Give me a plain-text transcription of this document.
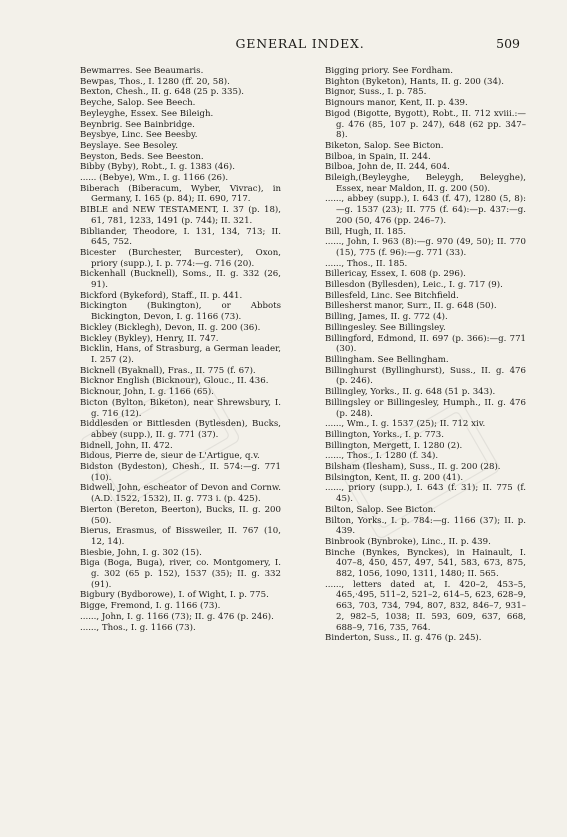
GENERAL INDEX.	509

Bewmarres. See Beaumaris.

Bewpas, Thos., I. 1280 (ff. 20, 58).

Bexton, Chesh., II. g. 648 (25 p. 335).

Beyche, Salop. See Beech.

Beyleyghe, Essex. See Bileigh.

Beynbrig. See Bainbridge.

Beysbye, Linc. See Beesby.

Beyslaye. See Besoley.

Beyston, Beds. See Beeston.

Bibby (Byby), Robt., I. g. 1383 (46).

...... (Bebye), Wm., I. g. 1166 (26).

Biberach (Biberacum, Wyber, Vivrac), in Germany, I. 165 (p. 84); II. 690, 717.

BIBLE and NEW TESTAMENT, I. 37 (p. 18), 61, 781, 1233, 1491 (p. 744); II. 321.

Bibliander, Theodore, I. 131, 134, 713; II. 645, 752.

Bicester (Burchester, Burcester), Oxon, priory (supp.), I. p. 774:—g. 716 (20).

Bickenhall (Bucknell), Soms., II. g. 332 (26, 91).

Bickford (Bykeford), Staff., II. p. 441.

Bickington (Bukington), or Abbots Bickington, Devon, I. g. 1166 (73).

Bickley (Bicklegh), Devon, II. g. 200 (36).

Bickley (Bykley), Henry, II. 747.

Bicklin, Hans, of Strasburg, a German leader, I. 257 (2).

Bicknell (Byaknall), Fras., II. 775 (f. 67).

Bicknor English (Bicknour), Glouc., II. 436.

Bicknour, John, I. g. 1166 (65).

Bicton (Bylton, Biketon), near Shrewsbury, I. g. 716 (12).

Biddlesden or Bittlesden (Bytlesden), Bucks, abbey (supp.), II. g. 771 (37).

Bidnell, John, II. 472.

Bidous, Pierre de, sieur de L'Artigue, q.v.

Bidston (Bydeston), Chesh., II. 574:—g. 771 (10).

Bidwell, John, escheator of Devon and Cornw. (A.D. 1522, 1532), II. g. 773 i. (p. 425).

Bierton (Bereton, Beerton), Bucks, II. g. 200 (50).

Bierus, Erasmus, of Bissweiler, II. 767 (10, 12, 14).

Biesbie, John, I. g. 302 (15).

Biga (Boga, Buga), river, co. Montgomery, I. g. 302 (65 p. 152), 1537 (35); II. g. 332 (91).

Bigbury (Bydborowe), I. of Wight, I. p. 775.

Bigge, Fremond, I. g. 1166 (73).

......, John, I. g. 1166 (73); II. g. 476 (p. 246).

......, Thos., I. g. 1166 (73).

Bigging priory. See Fordham.

Bighton (Byketon), Hants, II. g. 200 (34).

Bignor, Suss., I. p. 785.

Bignours manor, Kent, II. p. 439.

Bigod (Bigotte, Bygott), Robt., II. 712 xviii.:—g. 476 (85, 107 p. 247), 648 (62 pp. 347–8).

Biketon, Salop. See Bicton.

Bilboa, in Spain, II. 244.

Bilboa, John de, II. 244, 604.

Bileigh,(Beyleyghe, Beleygh, Beleyghe), Essex, near Maldon, II. g. 200 (50).

......, abbey (supp.), I. 643 (f. 47), 1280 (5, 8):—g. 1537 (23); II. 775 (f. 64):—p. 437:—g. 200 (50, 476 (pp. 246–7).

Bill, Hugh, II. 185.

......, John, I. 963 (8):—g. 970 (49, 50); II. 770 (15), 775 (f. 96):—g. 771 (33).

......, Thos., II. 185.

Billericay, Essex, I. 608 (p. 296).

Billesdon (Byllesden), Leic., I. g. 717 (9).

Billesfeld, Linc. See Bitchfield.

Billesherst manor, Surr., II. g. 648 (50).

Billing, James, II. g. 772 (4).

Billingesley. See Billingsley.

Billingford, Edmond, II. 697 (p. 366):—g. 771 (30).

Billingham. See Bellingham.

Billinghurst (Byllinghurst), Suss., II. g. 476 (p. 246).

Billingley, Yorks., II. g. 648 (51 p. 343).

Billingsley or Billingesley, Humph., II. g. 476 (p. 248).

......, Wm., I. g. 1537 (25); II. 712 xiv.

Billington, Yorks., I. p. 773.

Billington, Mergett, I. 1280 (2).

......, Thos., I. 1280 (f. 34).

Bilsham (Ilesham), Suss., II. g. 200 (28).

Bilsington, Kent, II. g. 200 (41).

......, priory (supp.), I. 643 (f. 31); II. 775 (f. 45).

Bilton, Salop. See Bicton.

Bilton, Yorks., I. p. 784:—g. 1166 (37); II. p. 439.

Binbrook (Bynbroke), Linc., II. p. 439.

Binche (Bynkes, Bynckes), in Hainault, I. 407–8, 450, 457, 497, 541, 583, 673, 875, 882, 1056, 1090, 1311, 1480; II. 565.

......, letters dated at, I. 420–2, 453–5, 465,·495, 511–2, 521–2, 614–5, 623, 628–9, 663, 703, 734, 794, 807, 832, 846–7, 931–2, 982–5, 1038; II. 593, 609, 637, 668, 688–9, 716, 735, 764.

Binderton, Suss., II. g. 476 (p. 245).
